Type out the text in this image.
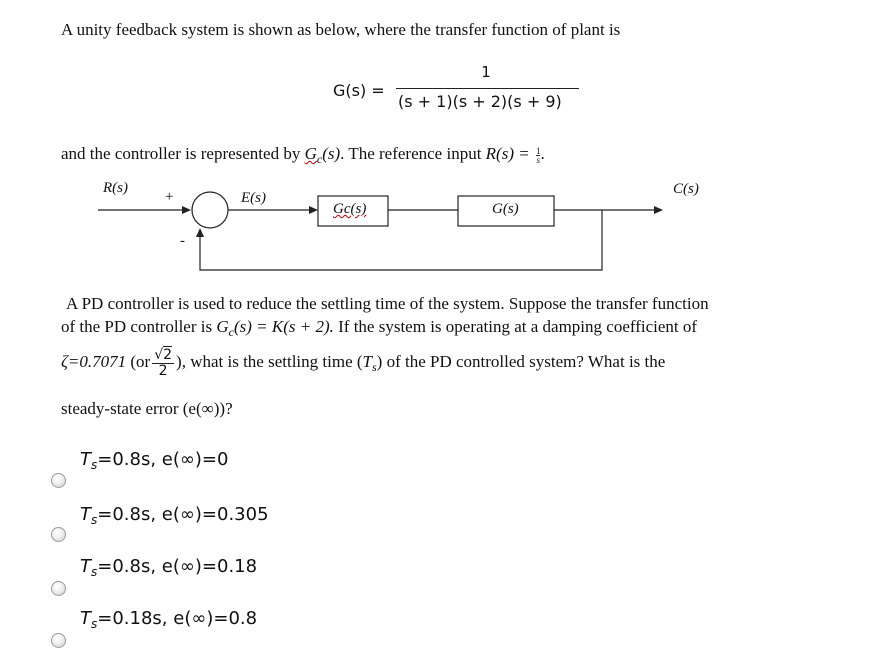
A unity feedback system is shown as below, where the transfer function of plant is
G(s) =
1
(s + 1)(s + 2)(s + 9)
and the controller is represented by $G_c(s)$. The reference input $R(s) = \frac{1}{s}$.
R(s)
+
-
E(s)
Gc(s)	G(s)
C(s)
A PD controller is used to reduce the settling time of the system. Suppose the transfer function
of the PD controller is $G_c(s) = K(s + 2)$. If the system is operating at a damping coefficient of
ζ=0.7071 ($or \frac{√2}{2}$ ), what is the settling time $(T_s)$ of the PD controlled system? What is the
steady-state error (e(∞))?
$T_s=0.8s$, e(∞)=0
$T_s=0.8s$, e(∞)=0.305
$T_s=0.8s$, e(∞)=0.18
$T_s=0.18s$, e(∞)=0.8
